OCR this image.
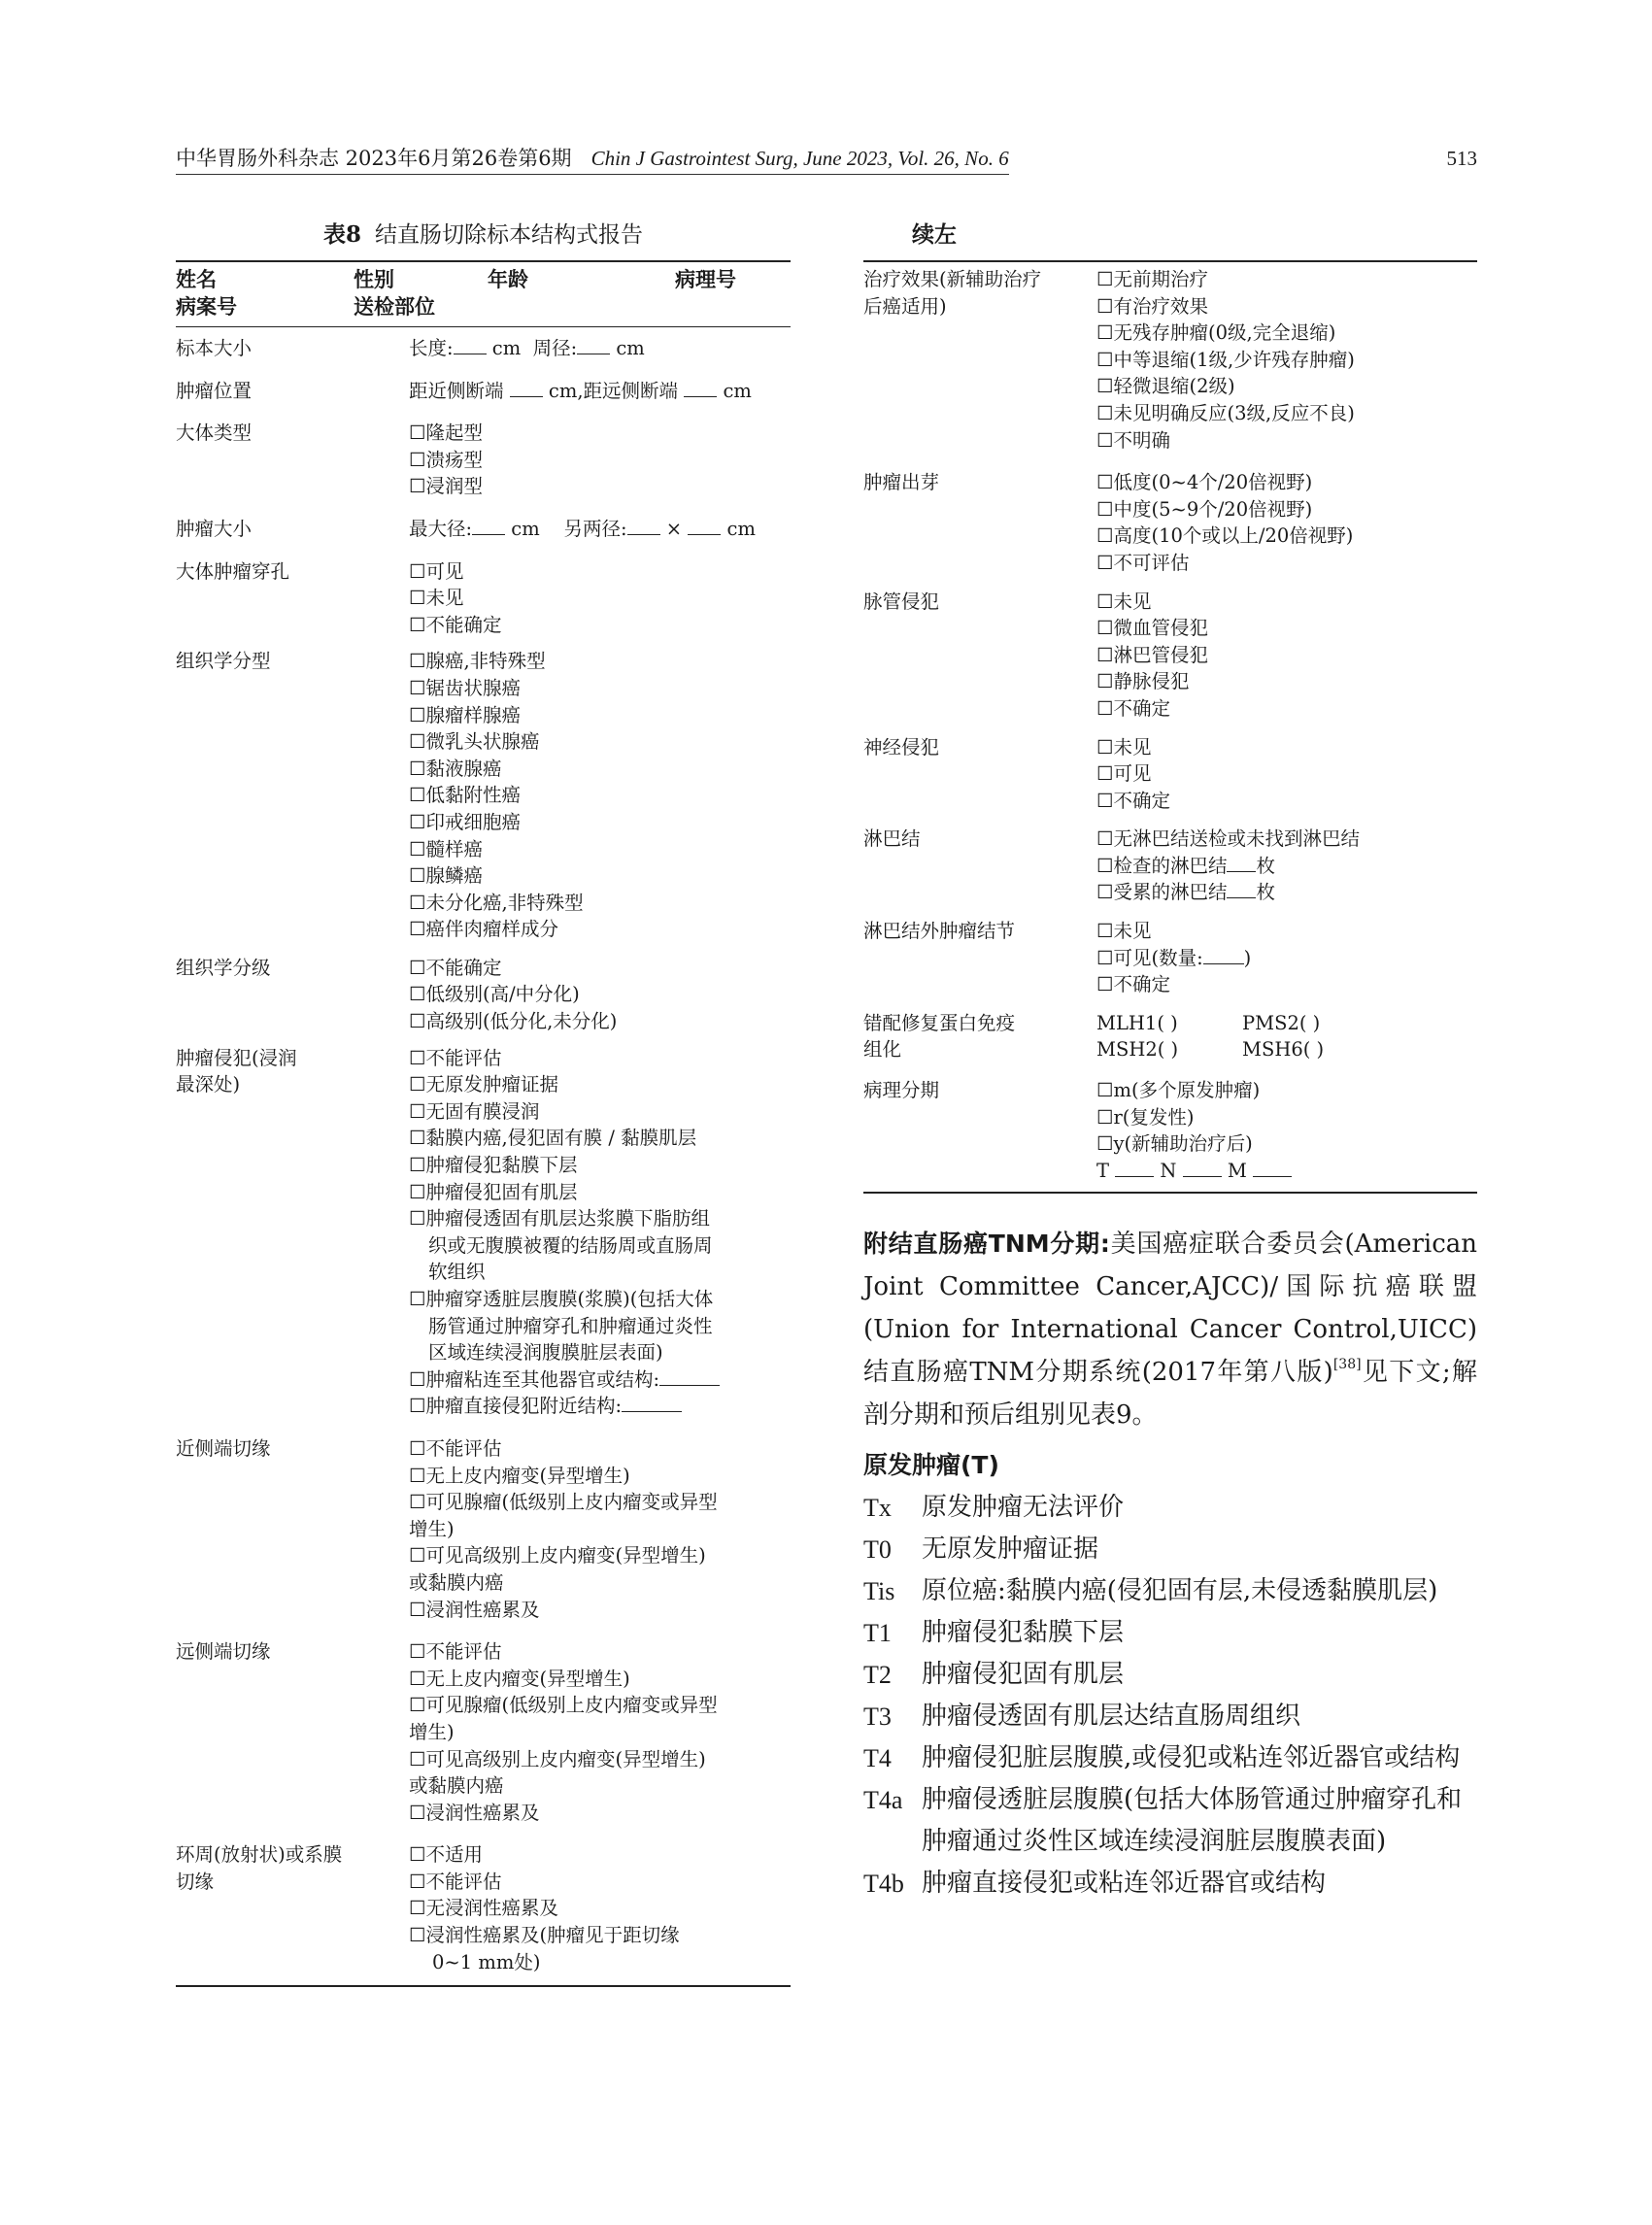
中华胃肠外科杂志 2023年6月第26卷第6期 Chin J Gastrointest Surg, June 2023, Vol. 26, No. 6	513
表8 结直肠切除标本结构式报告
姓名	性别	年龄	病理号
病案号	送检部位
标本大小	长度: cm 周径: cm
肿瘤位置	距近侧断端 cm,距远侧断端 cm
大体类型	☐隆起型
☐溃疡型
☐浸润型
肿瘤大小	最大径: cm 另两径: × cm
大体肿瘤穿孔	☐可见
☐未见
☐不能确定
组织学分型	☐腺癌,非特殊型
☐锯齿状腺癌
☐腺瘤样腺癌
☐微乳头状腺癌
☐黏液腺癌
☐低黏附性癌
☐印戒细胞癌
☐髓样癌
☐腺鳞癌
☐未分化癌,非特殊型
☐癌伴肉瘤样成分
组织学分级	☐不能确定
☐低级别(高/中分化)
☐高级别(低分化,未分化)
肿瘤侵犯(浸润
最深处)
☐不能评估
☐无原发肿瘤证据
☐无固有膜浸润
☐黏膜内癌,侵犯固有膜 / 黏膜肌层
☐肿瘤侵犯黏膜下层
☐肿瘤侵犯固有肌层
☐肿瘤侵透固有肌层达浆膜下脂肪组
织或无腹膜被覆的结肠周或直肠周
软组织
☐肿瘤穿透脏层腹膜(浆膜)(包括大体
肠管通过肿瘤穿孔和肿瘤通过炎性
区域连续浸润腹膜脏层表面)
☐肿瘤粘连至其他器官或结构:
☐肿瘤直接侵犯附近结构:
近侧端切缘	☐不能评估
☐无上皮内瘤变(异型增生)
☐可见腺瘤(低级别上皮内瘤变或异型
增生)
☐可见高级别上皮内瘤变(异型增生)
或黏膜内癌
☐浸润性癌累及
远侧端切缘	☐不能评估
☐无上皮内瘤变(异型增生)
☐可见腺瘤(低级别上皮内瘤变或异型
增生)
☐可见高级别上皮内瘤变(异型增生)
或黏膜内癌
☐浸润性癌累及
环周(放射状)或系膜
切缘
☐不适用
☐不能评估
☐无浸润性癌累及
☐浸润性癌累及(肿瘤见于距切缘
0~1 mm处)
续左
治疗效果(新辅助治疗
后癌适用)
☐无前期治疗
☐有治疗效果
☐无残存肿瘤(0级,完全退缩)
☐中等退缩(1级,少许残存肿瘤)
☐轻微退缩(2级)
☐未见明确反应(3级,反应不良)
☐不明确
肿瘤出芽	☐低度(0~4个/20倍视野)
☐中度(5~9个/20倍视野)
☐高度(10个或以上/20倍视野)
☐不可评估
脉管侵犯	☐未见
☐微血管侵犯
☐淋巴管侵犯
☐静脉侵犯
☐不确定
神经侵犯	☐未见
☐可见
☐不确定
淋巴结	☐无淋巴结送检或未找到淋巴结
☐检查的淋巴结 枚
☐受累的淋巴结 枚
淋巴结外肿瘤结节	☐未见
☐可见(数量: )
☐不确定
错配修复蛋白免疫
组化
MLH1( )	PMS2( )
MSH2( )	MSH6( )
病理分期	☐m(多个原发肿瘤)
☐r(复发性)
☐y(新辅助治疗后)
T	N	M
附结直肠癌TNM分期:美国癌症联合委员会(American Joint Committee Cancer,AJCC)/国际抗癌联盟(Union for International Cancer Control,UICC)结直肠癌TNM分期系统(2017年第八版)[38]见下文;解剖分期和预后组别见表9。
原发肿瘤(T)
Tx	原发肿瘤无法评价
T0	无原发肿瘤证据
Tis	原位癌:黏膜内癌(侵犯固有层,未侵透黏膜肌层)
T1	肿瘤侵犯黏膜下层
T2	肿瘤侵犯固有肌层
T3	肿瘤侵透固有肌层达结直肠周组织
T4	肿瘤侵犯脏层腹膜,或侵犯或粘连邻近器官或结构
T4a 肿瘤侵透脏层腹膜(包括大体肠管通过肿瘤穿孔和肿瘤通过炎性区域连续浸润脏层腹膜表面)
T4b 肿瘤直接侵犯或粘连邻近器官或结构
